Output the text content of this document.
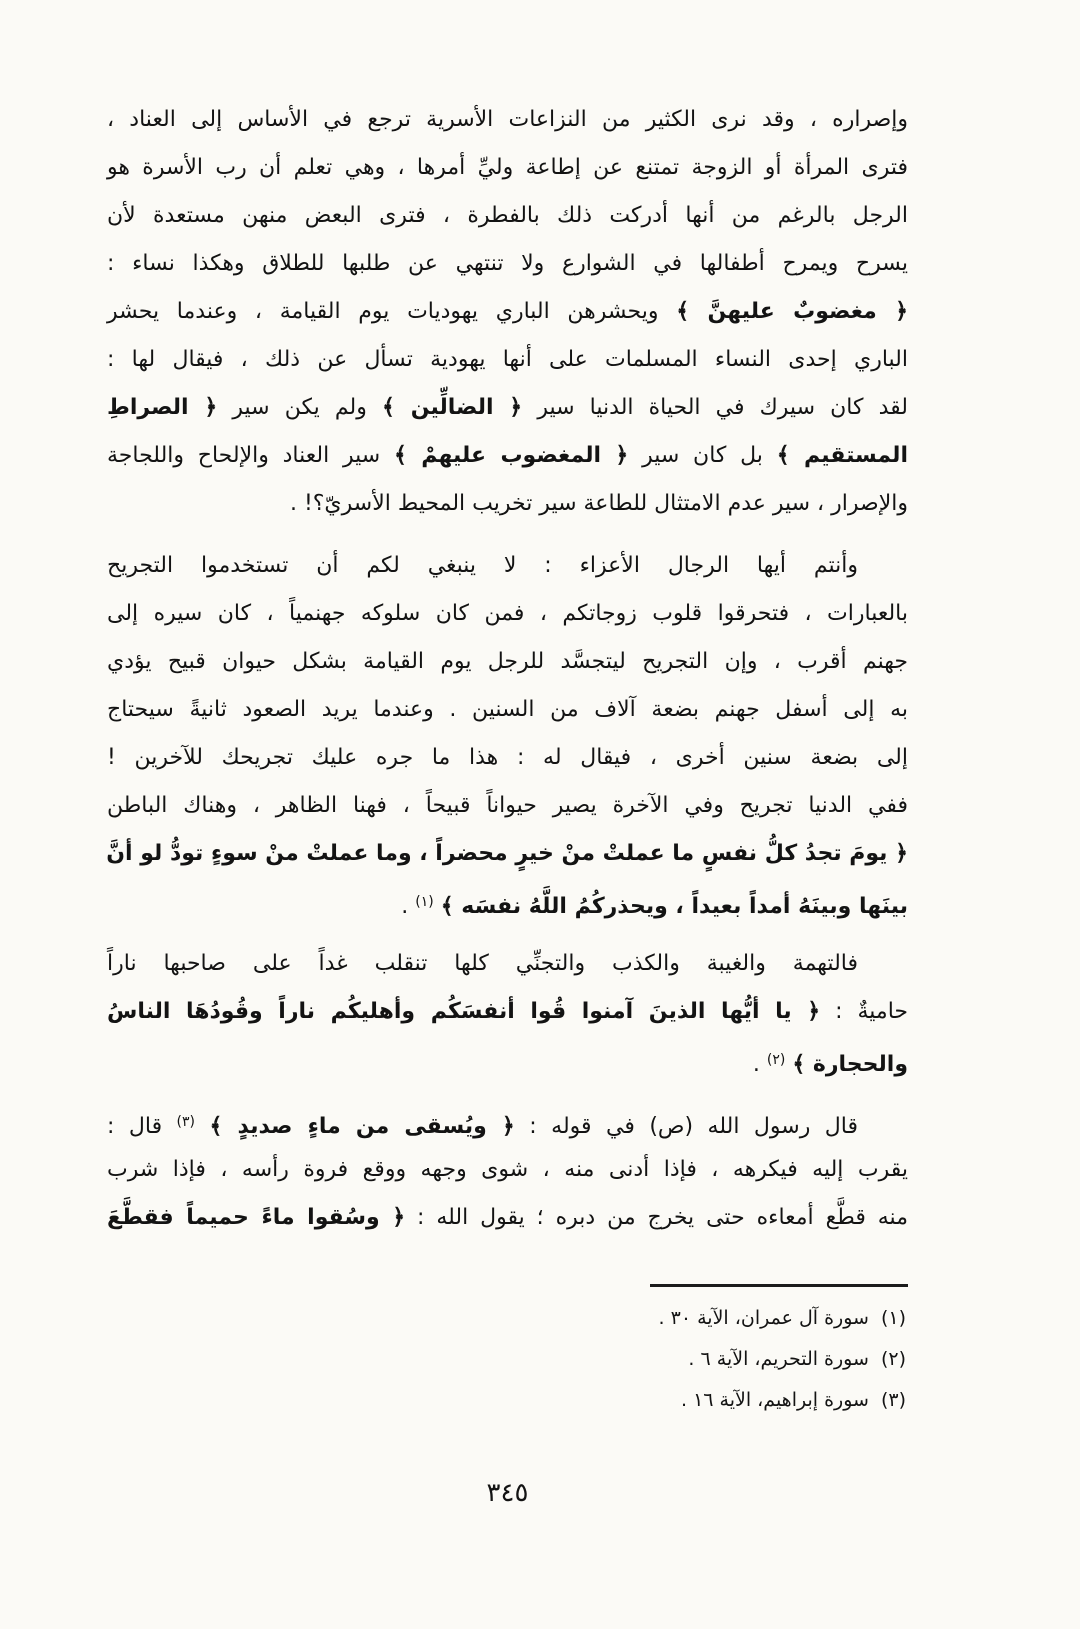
وإصراره ، وقد نرى الكثير من النزاعات الأسرية ترجع في الأساس إلى العناد ،
فترى المرأة أو الزوجة تمتنع عن إطاعة وليِّ أمرها ، وهي تعلم أن رب الأسرة هو
الرجل بالرغم من أنها أدركت ذلك بالفطرة ، فترى البعض منهن مستعدة لأن
يسرح ويمرح أطفالها في الشوارع ولا تنتهي عن طلبها للطلاق وهكذا نساء :
﴿ مغضوبٌ عليهنَّ ﴾ ويحشرهن الباري يهوديات يوم القيامة ، وعندما يحشر
الباري إحدى النساء المسلمات على أنها يهودية تسأل عن ذلك ، فيقال لها :
لقد كان سيرك في الحياة الدنيا سير ﴿ الضالِّين ﴾ ولم يكن سير ﴿ الصراطِ
المستقيم ﴾ بل كان سير ﴿ المغضوب عليهمْ ﴾ سير العناد والإلحاح واللجاجة
والإصرار ، سير عدم الامتثال للطاعة سير تخريب المحيط الأسريّ؟! .
وأنتم أيها الرجال الأعزاء : لا ينبغي لكم أن تستخدموا التجريح
بالعبارات ، فتحرقوا قلوب زوجاتكم ، فمن كان سلوكه جهنمياً ، كان سيره إلى
جهنم أقرب ، وإن التجريح ليتجسَّد للرجل يوم القيامة بشكل حيوان قبيح يؤدي
به إلى أسفل جهنم بضعة آلاف من السنين . وعندما يريد الصعود ثانيةً سيحتاج
إلى بضعة سنين أخرى ، فيقال له : هذا ما جره عليك تجريحك للآخرين !
ففي الدنيا تجريح وفي الآخرة يصير حيواناً قبيحاً ، فهنا الظاهر ، وهناك الباطن
﴿ يومَ تجدُ كلُّ نفسٍ ما عملتْ منْ خيرٍ محضراً ، وما عملتْ منْ سوءٍ تودُّ لو أنَّ
بينَها وبينَهُ أمداً بعيداً ، ويحذركُمُ اللَّهُ نفسَه ﴾ $^{(١)}$ .
فالتهمة والغيبة والكذب والتجنِّي كلها تنقلب غداً على صاحبها ناراً
حاميةٌ : ﴿ يا أيُّها الذينَ آمنوا قُوا أنفسَكُم وأهليكُم ناراً وقُودُهَا الناسُ
والحجارة ﴾ $^{(٢)}$ .
قال رسول الله (ص) في قوله : ﴿ ويُسقى من ماءٍ صديدٍ ﴾ $^{(٣)}$ قال :
يقرب إليه فيكرهه ، فإذا أدنى منه ، شوى وجهه ووقع فروة رأسه ، فإذا شرب
منه قطَّع أمعاءه حتى يخرج من دبره ؛ يقول الله : ﴿ وسُقوا ماءً حميماً فقطَّعَ
(١)سورة آل عمران، الآية ٣٠ .
(٢)سورة التحريم، الآية ٦ .
(٣)سورة إبراهيم، الآية ١٦ .
٣٤٥
